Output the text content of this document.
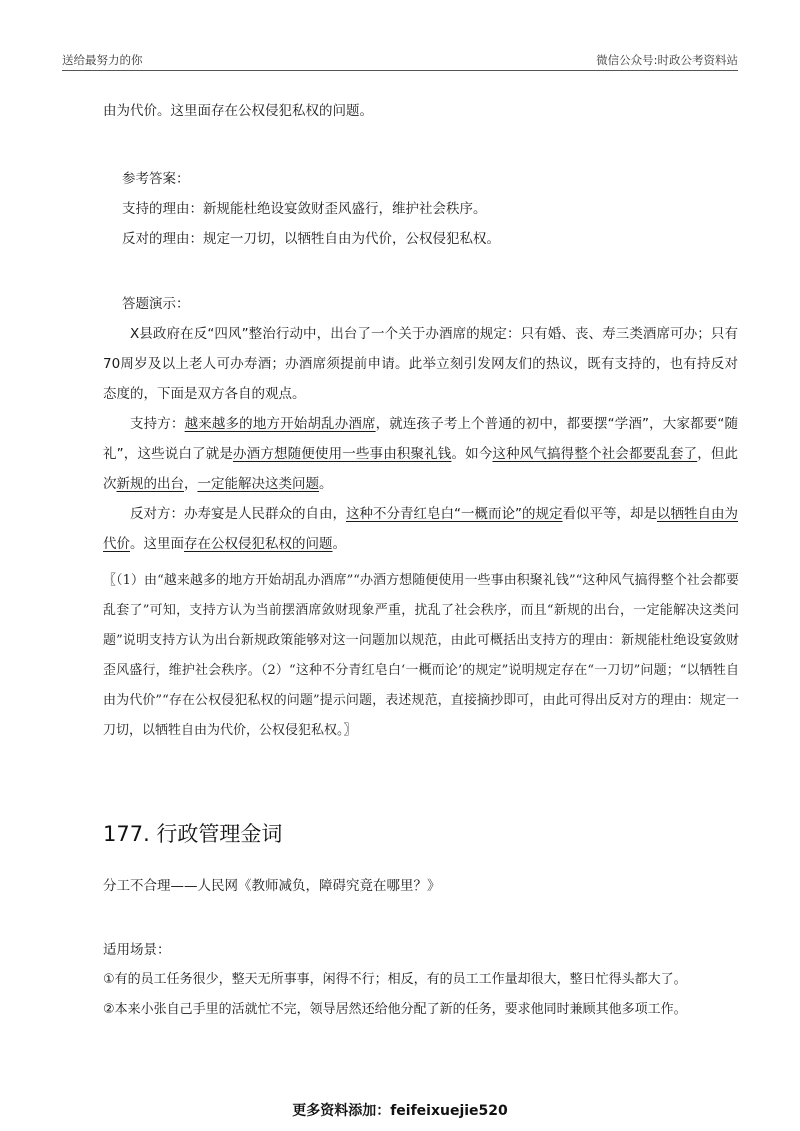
送给最努力的你	微信公众号:时政公考资料站
由为代价。这里面存在公权侵犯私权的问题。
参考答案：
支持的理由：新规能杜绝设宴敛财歪风盛行，维护社会秩序。
反对的理由：规定一刀切，以牺牲自由为代价，公权侵犯私权。
答题演示：

X县政府在反“四风”整治行动中，出台了一个关于办酒席的规定：只有婚、丧、寿三类酒席可办；只有70周岁及以上老人可办寿酒；办酒席须提前申请。此举立刻引发网友们的热议，既有支持的，也有持反对态度的，下面是双方各自的观点。

支持方：越来越多的地方开始胡乱办酒席，就连孩子考上个普通的初中，都要摆“学酒”，大家都要“随礼”，这些说白了就是办酒方想随便使用一些事由积聚礼钱。如今这种风气搞得整个社会都要乱套了，但此次新规的出台，一定能解决这类问题。

反对方：办寿宴是人民群众的自由，这种不分青红皂白“一概而论”的规定看似平等，却是以牺牲自由为代价。这里面存在公权侵犯私权的问题。

〖（1）由“越来越多的地方开始胡乱办酒席”“办酒方想随便使用一些事由积聚礼钱”“这种风气搞得整个社会都要乱套了”可知，支持方认为当前摆酒席敛财现象严重，扰乱了社会秩序，而且“新规的出台，一定能解决这类问题”说明支持方认为出台新规政策能够对这一问题加以规范，由此可概括出支持方的理由：新规能杜绝设宴敛财歪风盛行，维护社会秩序。（2）“这种不分青红皂白‘一概而论’的规定”说明规定存在“一刀切”问题；“以牺牲自由为代价”“存在公权侵犯私权的问题”提示问题，表述规范，直接摘抄即可，由此可得出反对方的理由：规定一刀切，以牺牲自由为代价，公权侵犯私权。〗
177. 行政管理金词
分工不合理——人民网《教师减负，障碍究竟在哪里？》
适用场景：
①有的员工任务很少，整天无所事事，闲得不行；相反，有的员工工作量却很大，整日忙得头都大了。
②本来小张自己手里的活就忙不完，领导居然还给他分配了新的任务，要求他同时兼顾其他多项工作。
更多资料添加：feifeixuejie520
